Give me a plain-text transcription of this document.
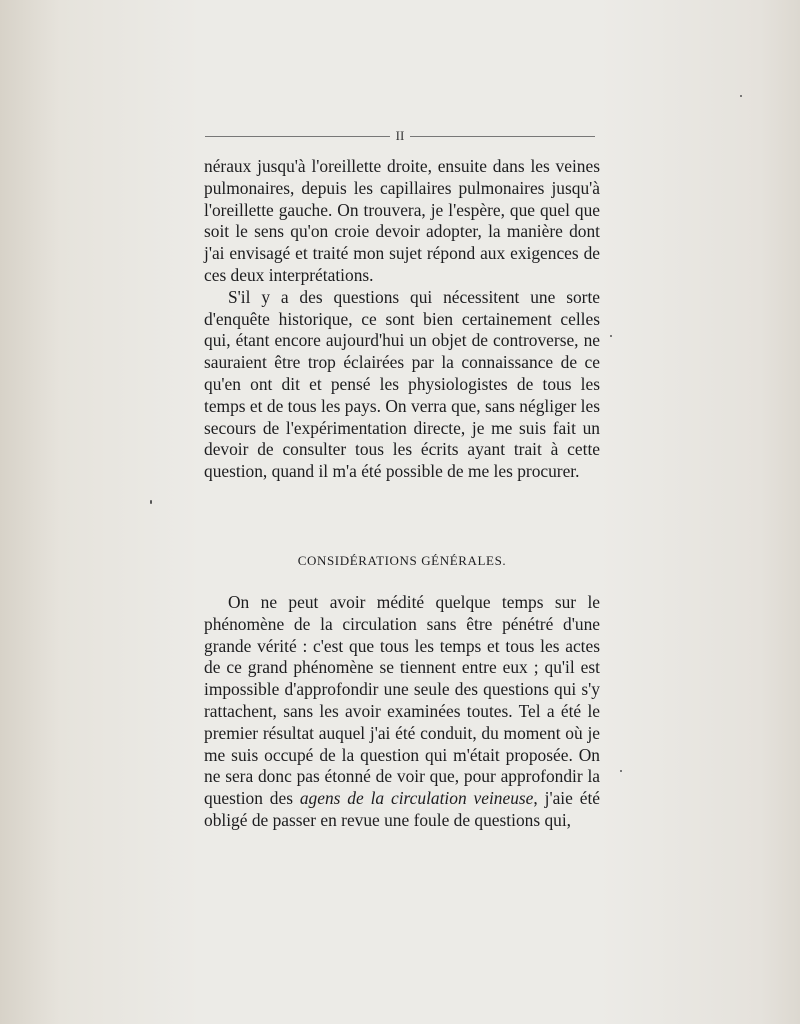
II

néraux jusqu'à l'oreillette droite, ensuite dans les veines pulmonaires, depuis les capillaires pulmonaires jusqu'à l'oreillette gauche. On trouvera, je l'espère, que quel que soit le sens qu'on croie devoir adopter, la manière dont j'ai envisagé et traité mon sujet répond aux exigences de ces deux interprétations.

S'il y a des questions qui nécessitent une sorte d'enquête historique, ce sont bien certainement celles qui, étant encore aujourd'hui un objet de controverse, ne sauraient être trop éclairées par la connaissance de ce qu'en ont dit et pensé les physiologistes de tous les temps et de tous les pays. On verra que, sans négliger les secours de l'expérimentation directe, je me suis fait un devoir de consulter tous les écrits ayant trait à cette question, quand il m'a été possible de me les procurer.

CONSIDÉRATIONS GÉNÉRALES.

On ne peut avoir médité quelque temps sur le phénomène de la circulation sans être pénétré d'une grande vérité : c'est que tous les temps et tous les actes de ce grand phénomène se tiennent entre eux ; qu'il est impossible d'approfondir une seule des questions qui s'y rattachent, sans les avoir examinées toutes. Tel a été le premier résultat auquel j'ai été conduit, du moment où je me suis occupé de la question qui m'était proposée. On ne sera donc pas étonné de voir que, pour approfondir la question des agens de la circulation veineuse, j'aie été obligé de passer en revue une foule de questions qui,
